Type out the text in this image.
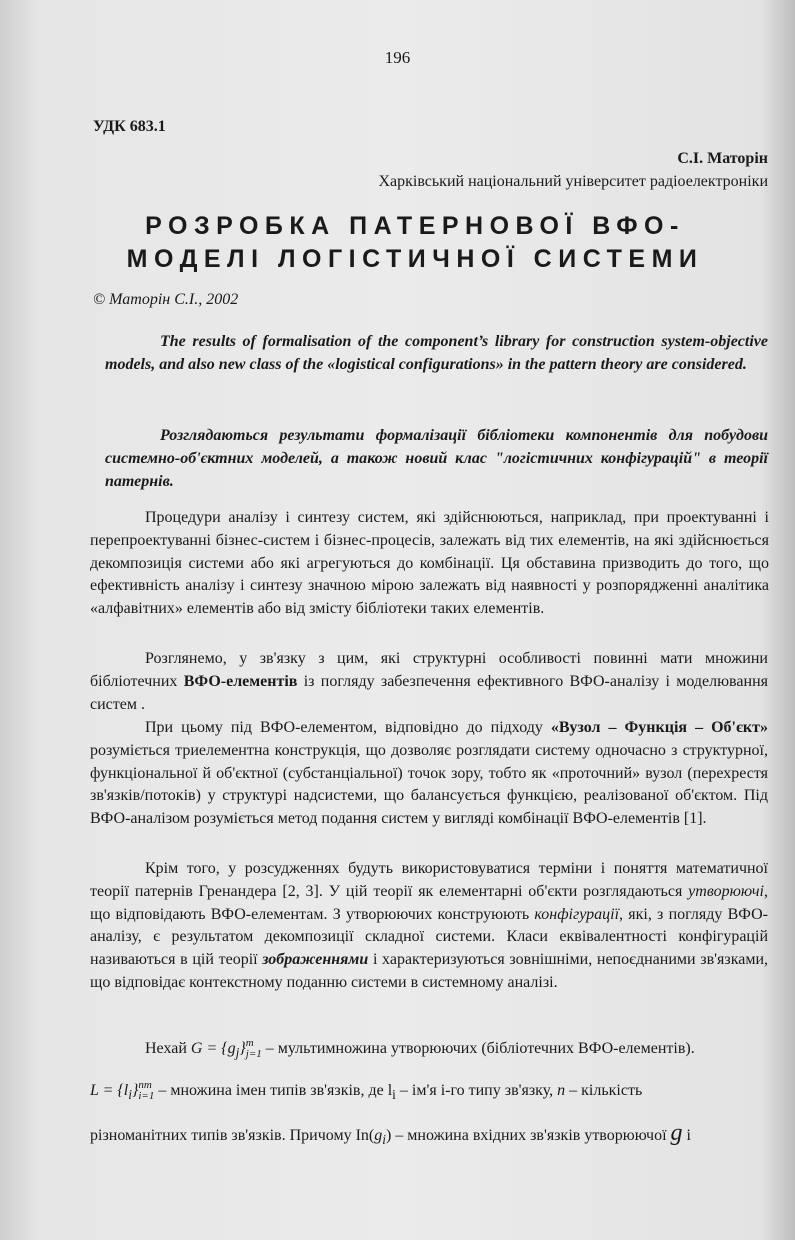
196
УДК 683.1
С.І. Маторін
Харківський національний університет радіоелектроніки
РОЗРОБКА ПАТЕРНОВОЇ ВФО-
МОДЕЛІ ЛОГІСТИЧНОЇ СИСТЕМИ
© Маторін С.І., 2002

The results of formalisation of the component’s library for construction system-objective models, and also new class of the «logistical configurations» in the pattern theory are considered.

Розглядаються результати формалізації бібліотеки компонентів для побудови системно-об'єктних моделей, а також новий клас "логістичних конфігурацій" в теорії патернів.

Процедури аналізу і синтезу систем, які здійснюються, наприклад, при проектуванні і перепроектуванні бізнес-систем і бізнес-процесів, залежать від тих елементів, на які здійснюється декомпозиція системи або які агрегуються до комбінації. Ця обставина призводить до того, що ефективність аналізу і синтезу значною мірою залежать від наявності у розпорядженні аналітика «алфавітних» елементів або від змісту бібліотеки таких елементів.

Розглянемо, у зв'язку з цим, які структурні особливості повинні мати множини бібліотечних ВФО-елементів із погляду забезпечення ефективного ВФО-аналізу і моделювання систем .

При цьому під ВФО-елементом, відповідно до підходу «Вузол – Функція – Об'єкт» розуміється триелементна конструкція, що дозволяє розглядати систему одночасно з структурної, функціональної й об'єктної (субстанціальної) точок зору, тобто як «проточний» вузол (перехрестя зв'язків/потоків) у структурі надсистеми, що балансується функцією, реалізованої об'єктом. Під ВФО-аналізом розуміється метод подання систем у вигляді комбінації ВФО-елементів [1].

Крім того, у розсудженнях будуть використовуватися терміни і поняття математичної теорії патернів Гренандера [2, 3]. У цій теорії як елементарні об'єкти розглядаються утворюючі, що відповідають ВФО-елементам. З утворюючих конструюють конфігурації, які, з погляду ВФО-аналізу, є результатом декомпозиції складної системи. Класи еквівалентності конфігурацій називаються в цій теорії зображеннями і характеризуються зовнішніми, непоєднаними зв'язками, що відповідає контекстному поданню системи в системному аналізі.

Нехай $G = \{g_j\}$ m
j=1 – мультимножина утворюючих (бібліотечних ВФО-елементів).
$L = \{l_i\}$ nm
i=1 – множина імен типів зв'язків, де $l_i - ім'я$ i-го типу зв'язку, n – кількість
різноманітних типів зв'язків. Причому $In(g_i)$ – множина вхідних зв'язків утворюючої g і
